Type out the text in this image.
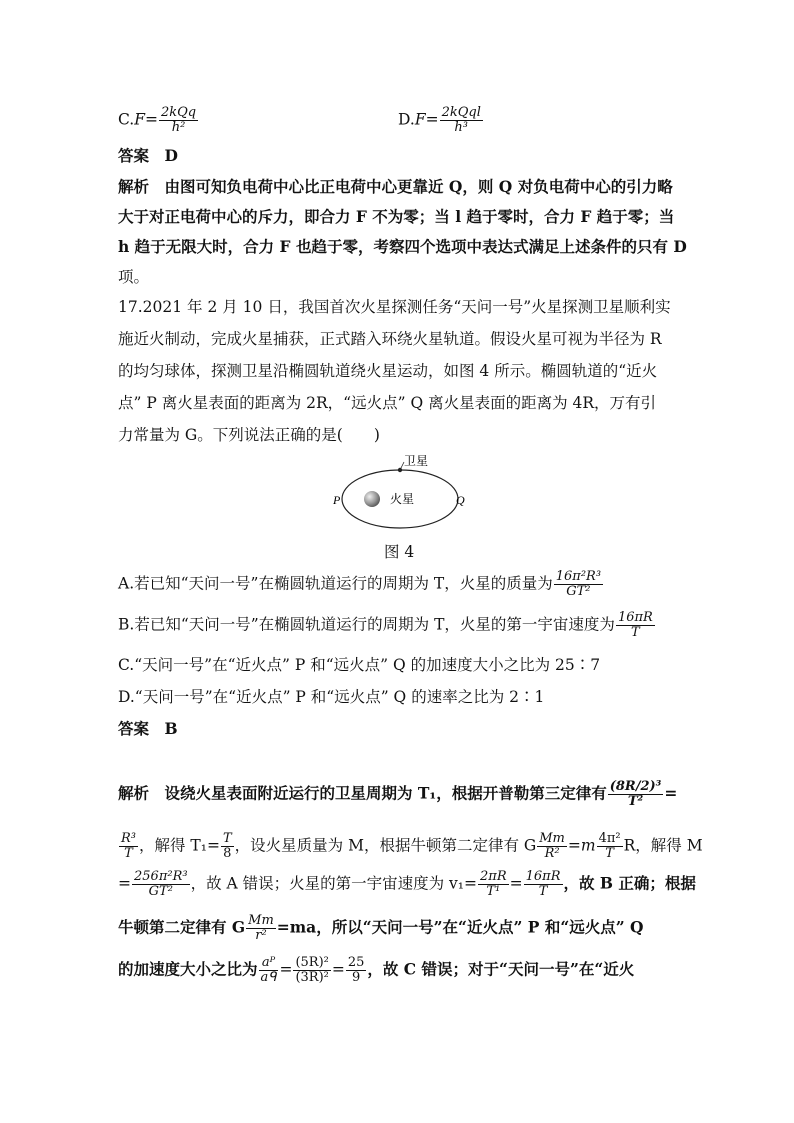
$C.F= \frac{\text{2kQq}}{\text{h²}}$	$D.F= \frac{\text{2kQql}}{\text{h³}}$
答案　D
解析　由图可知负电荷中心比正电荷中心更靠近 Q，则 Q 对负电荷中心的引力略
大于对正电荷中心的斥力，即合力 F 不为零；当 l 趋于零时，合力 F 趋于零；当
h 趋于无限大时，合力 F 也趋于零，考察四个选项中表达式满足上述条件的只有 D
项。
17.2021 年 2 月 10 日，我国首次火星探测任务“天问一号”火星探测卫星顺利实
施近火制动，完成火星捕获，正式踏入环绕火星轨道。假设火星可视为半径为 R
的均匀球体，探测卫星沿椭圆轨道绕火星运动，如图 4 所示。椭圆轨道的“近火
点” P 离火星表面的距离为 2R，“远火点” Q 离火星表面的距离为 4R，万有引
力常量为 G。下列说法正确的是(　　)
卫星
火星
P	Q
图 4
A.若已知“天问一号”在椭圆轨道运行的周期为 T，火星的质量为 $\frac{\text{16π²R³}}{\text{GT²}}$
B.若已知“天问一号”在椭圆轨道运行的周期为 T，火星的第一宇宙速度为 $\frac{16\pi R}{T}$
C.“天问一号”在“近火点” P 和“远火点” Q 的加速度大小之比为 25∶7
D.“天问一号”在“近火点” P 和“远火点” Q 的速率之比为 2∶1
答案　B
解析　设绕火星表面附近运行的卫星周期为 T₁，根据开普勒第三定律有 $\frac{\text{(8R/2)³}}{\text{T²}}$ =
$\frac{\text{R³}}{T}$ ，解得 $T_1= \frac{T}{8}$ ，设火星质量为 M，根据牛顿第二定律有 G $\frac{Mm}{\text{R²}} =m \frac{\text{4π²}}{T}$ R，解得 M
= $\frac{\text{256π²R³}}{\text{GT²}}$ ，故 A 错误；火星的第一宇宙速度为 $v_1= \frac{2\pi R}{\text{T¹}} = \frac{16\pi R}{T}$ ，故 B 正确；根据
牛顿第二定律有 G $\frac{Mm}{\text{r²}} =ma$，所以“天问一号”在“近火点” P 和“远火点” Q
的加速度大小之比为 $\frac{\text{aᴾ}}{\text{aᑫ}} = \frac{\text{(5R)²}}{\text{(3R)²}} = \frac{25}{9}$ ，故 C 错误；对于“天问一号”在“近火
